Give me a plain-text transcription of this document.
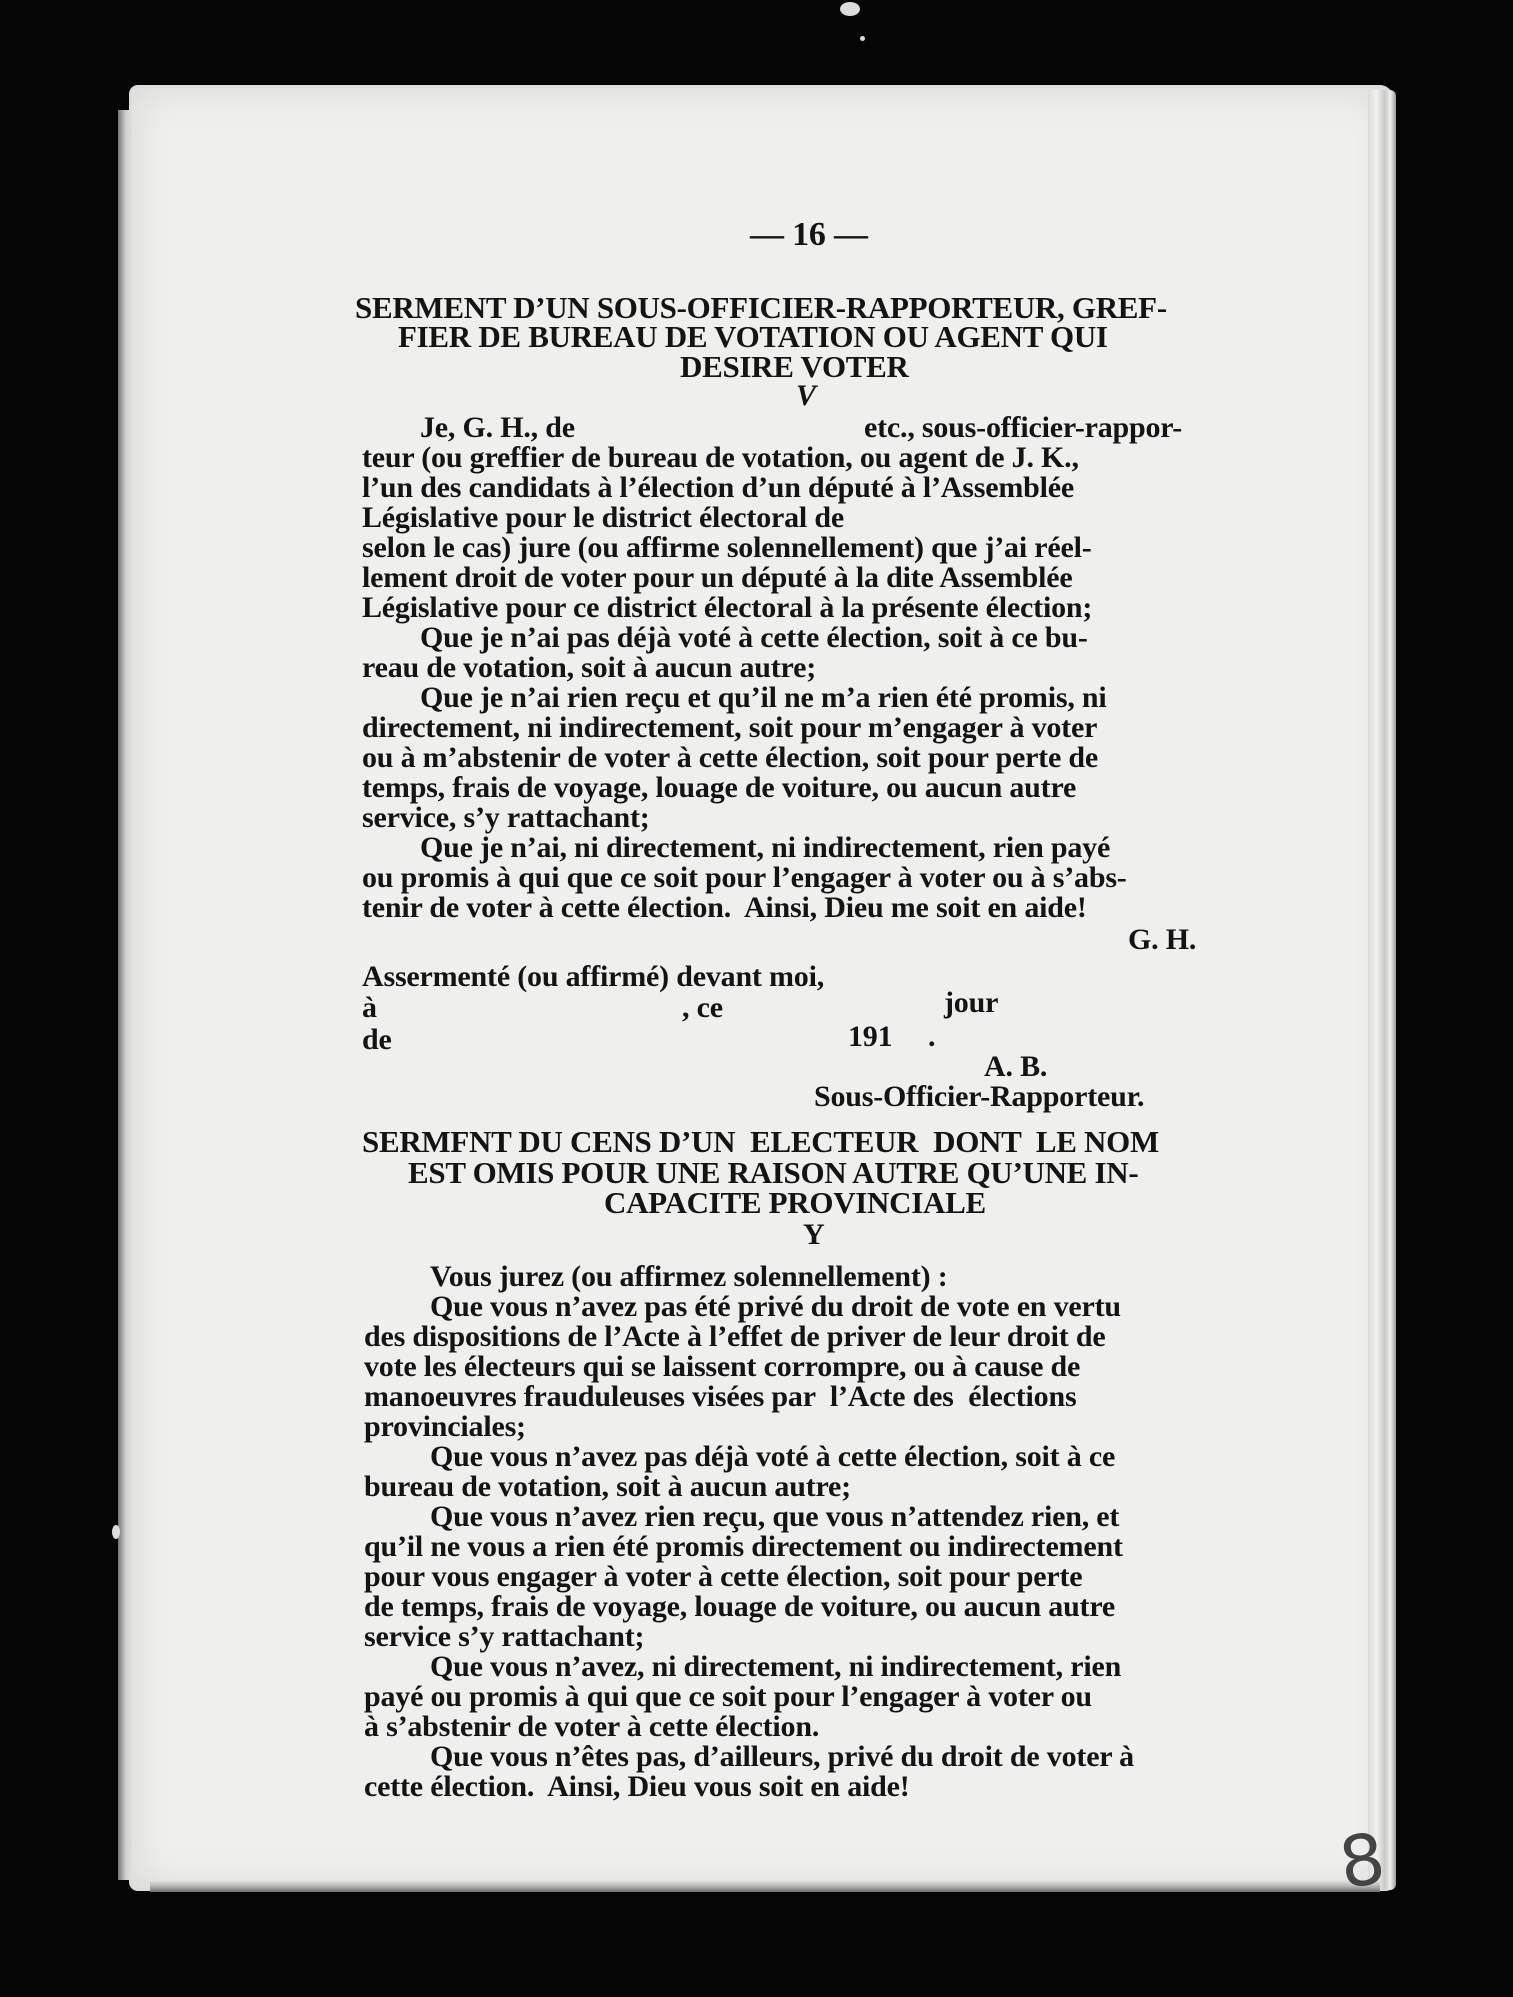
— 16 —
SERMENT D’UN SOUS-OFFICIER-RAPPORTEUR, GREF-
FIER DE BUREAU DE VOTATION OU AGENT QUI
DESIRE VOTER
V
Je, G. H., de	etc., sous-officier-rappor-
teur (ou greffier de bureau de votation, ou agent de J. K.,
l’un des candidats à l’élection d’un député à l’Assemblée
Législative pour le district électoral de
selon le cas) jure (ou affirme solennellement) que j’ai réel-
lement droit de voter pour un député à la dite Assemblée
Législative pour ce district électoral à la présente élection;
Que je n’ai pas déjà voté à cette élection, soit à ce bu-
reau de votation, soit à aucun autre;
Que je n’ai rien reçu et qu’il ne m’a rien été promis, ni
directement, ni indirectement, soit pour m’engager à voter
ou à m’abstenir de voter à cette élection, soit pour perte de
temps, frais de voyage, louage de voiture, ou aucun autre
service, s’y rattachant;
Que je n’ai, ni directement, ni indirectement, rien payé
ou promis à qui que ce soit pour l’engager à voter ou à s’abs-
tenir de voter à cette élection.  Ainsi, Dieu me soit en aide!
G. H.
Assermenté (ou affirmé) devant moi,
à	, ce	jour
de	191 .
A. B.
Sous-Officier-Rapporteur.
SERMFNT DU CENS D’UN  ELECTEUR  DONT  LE NOM
EST OMIS POUR UNE RAISON AUTRE QU’UNE IN-
CAPACITE PROVINCIALE
Y
Vous jurez (ou affirmez solennellement) :
Que vous n’avez pas été privé du droit de vote en vertu
des dispositions de l’Acte à l’effet de priver de leur droit de
vote les électeurs qui se laissent corrompre, ou à cause de
manoeuvres frauduleuses visées par  l’Acte des  élections
provinciales;
Que vous n’avez pas déjà voté à cette élection, soit à ce
bureau de votation, soit à aucun autre;
Que vous n’avez rien reçu, que vous n’attendez rien, et
qu’il ne vous a rien été promis directement ou indirectement
pour vous engager à voter à cette élection, soit pour perte
de temps, frais de voyage, louage de voiture, ou aucun autre
service s’y rattachant;
Que vous n’avez, ni directement, ni indirectement, rien
payé ou promis à qui que ce soit pour l’engager à voter ou
à s’abstenir de voter à cette élection.
Que vous n’êtes pas, d’ailleurs, privé du droit de voter à
cette élection.  Ainsi, Dieu vous soit en aide!
8
